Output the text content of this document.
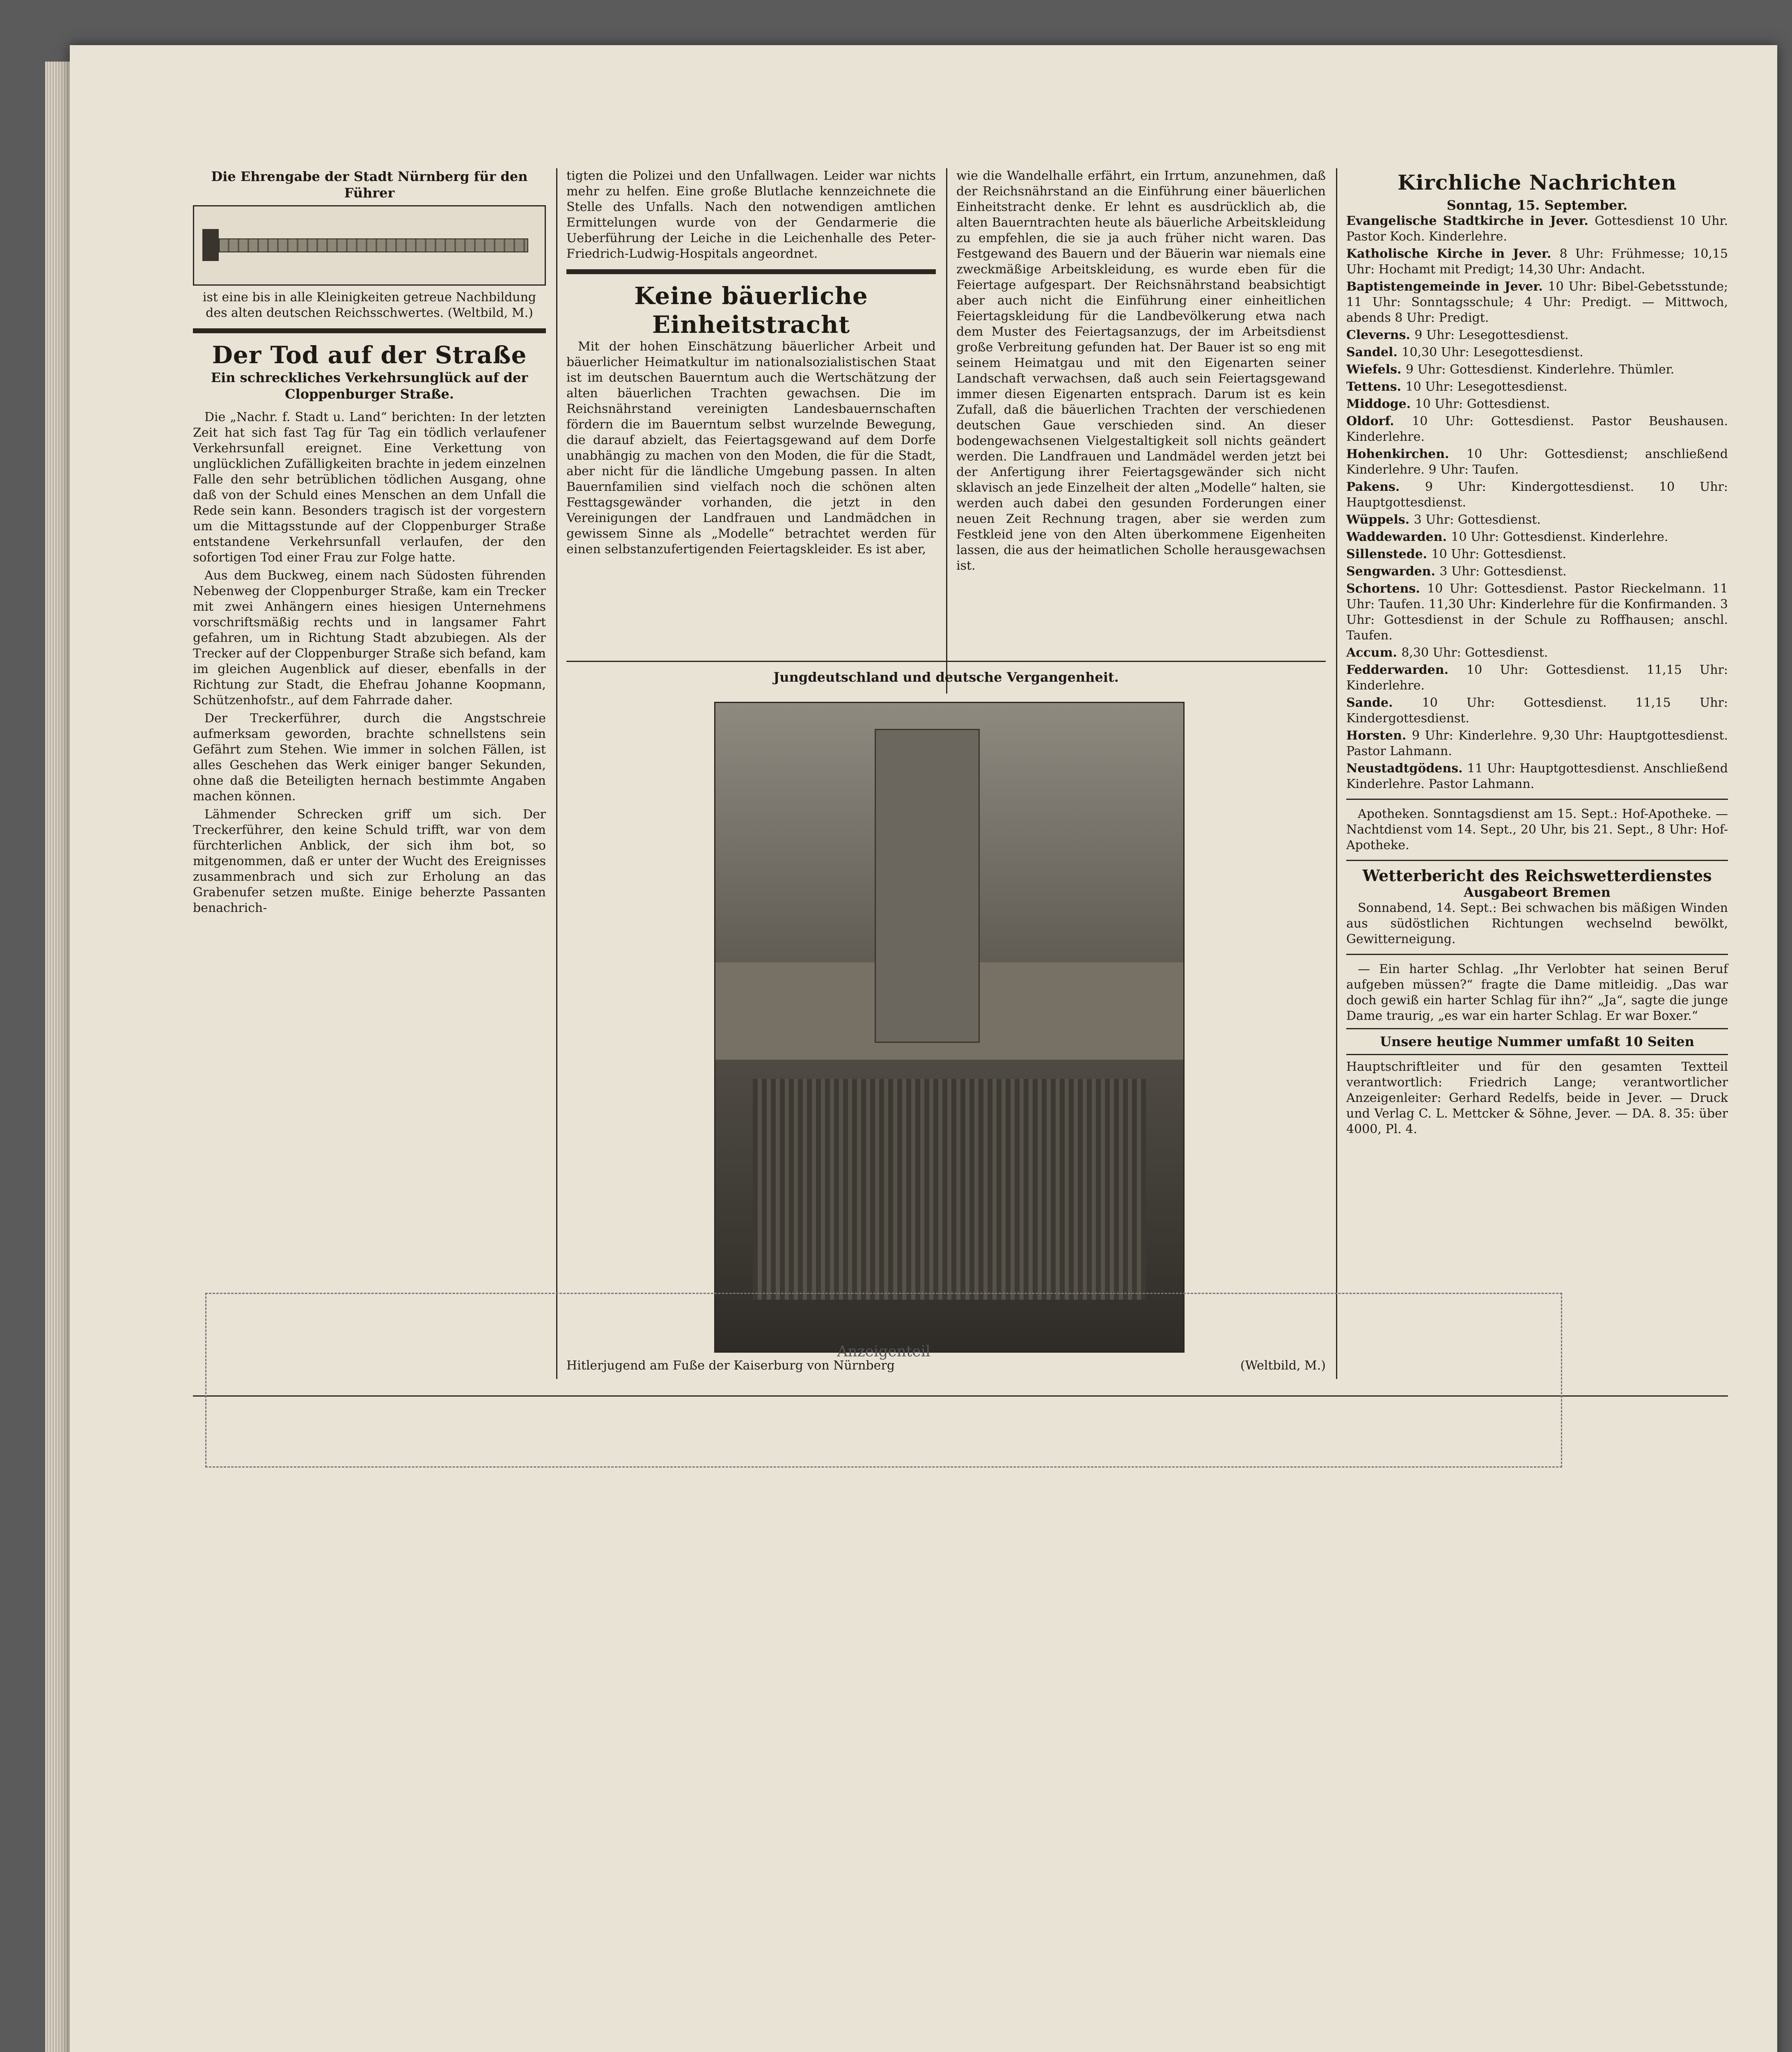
Die Ehrengabe der Stadt Nürnberg für den Führer
ist eine bis in alle Kleinigkeiten getreue Nachbildung des alten deutschen Reichsschwertes. (Weltbild, M.)
Der Tod auf der Straße
Ein schreckliches Verkehrsunglück auf der Cloppenburger Straße.

Die „Nachr. f. Stadt u. Land“ berichten: In der letzten Zeit hat sich fast Tag für Tag ein tödlich verlaufener Verkehrsunfall ereignet. Eine Verkettung von unglücklichen Zufälligkeiten brachte in jedem einzelnen Falle den sehr betrüblichen tödlichen Ausgang, ohne daß von der Schuld eines Menschen an dem Unfall die Rede sein kann. Besonders tragisch ist der vorgestern um die Mittagsstunde auf der Cloppenburger Straße entstandene Verkehrsunfall verlaufen, der den sofortigen Tod einer Frau zur Folge hatte.

Aus dem Buckweg, einem nach Südosten führenden Nebenweg der Cloppenburger Straße, kam ein Trecker mit zwei Anhängern eines hiesigen Unternehmens vorschriftsmäßig rechts und in langsamer Fahrt gefahren, um in Richtung Stadt abzubiegen. Als der Trecker auf der Cloppenburger Straße sich befand, kam im gleichen Augenblick auf dieser, ebenfalls in der Richtung zur Stadt, die Ehefrau Johanne Koopmann, Schützenhofstr., auf dem Fahrrade daher.

Der Treckerführer, durch die Angstschreie aufmerksam geworden, brachte schnellstens sein Gefährt zum Stehen. Wie immer in solchen Fällen, ist alles Geschehen das Werk einiger banger Sekunden, ohne daß die Beteiligten hernach bestimmte Angaben machen können.

Lähmender Schrecken griff um sich. Der Treckerführer, den keine Schuld trifft, war von dem fürchterlichen Anblick, der sich ihm bot, so mitgenommen, daß er unter der Wucht des Ereignisses zusammenbrach und sich zur Erholung an das Grabenufer setzen mußte. Einige beherzte Passanten benachrich-

tigten die Polizei und den Unfallwagen. Leider war nichts mehr zu helfen. Eine große Blutlache kennzeichnete die Stelle des Unfalls. Nach den notwendigen amtlichen Ermittelungen wurde von der Gendarmerie die Ueberführung der Leiche in die Leichenhalle des Peter-Friedrich-Ludwig-Hospitals angeordnet.

Keine bäuerliche Einheitstracht

Mit der hohen Einschätzung bäuerlicher Arbeit und bäuerlicher Heimatkultur im nationalsozialistischen Staat ist im deutschen Bauerntum auch die Wertschätzung der alten bäuerlichen Trachten gewachsen. Die im Reichsnährstand vereinigten Landesbauernschaften fördern die im Bauerntum selbst wurzelnde Bewegung, die darauf abzielt, das Feiertagsgewand auf dem Dorfe unabhängig zu machen von den Moden, die für die Stadt, aber nicht für die ländliche Umgebung passen. In alten Bauernfamilien sind vielfach noch die schönen alten Festtagsgewänder vorhanden, die jetzt in den Vereinigungen der Landfrauen und Landmädchen in gewissem Sinne als „Modelle“ betrachtet werden für einen selbstanzufertigenden Feiertagskleider. Es ist aber,

wie die Wandelhalle erfährt, ein Irrtum, anzunehmen, daß der Reichsnährstand an die Einführung einer bäuerlichen Einheitstracht denke. Er lehnt es ausdrücklich ab, die alten Bauerntrachten heute als bäuerliche Arbeitskleidung zu empfehlen, die sie ja auch früher nicht waren. Das Festgewand des Bauern und der Bäuerin war niemals eine zweckmäßige Arbeitskleidung, es wurde eben für die Feiertage aufgespart. Der Reichsnährstand beabsichtigt aber auch nicht die Einführung einer einheitlichen Feiertagskleidung für die Landbevölkerung etwa nach dem Muster des Feiertagsanzugs, der im Arbeitsdienst große Verbreitung gefunden hat. Der Bauer ist so eng mit seinem Heimatgau und mit den Eigenarten seiner Landschaft verwachsen, daß auch sein Feiertagsgewand immer diesen Eigenarten entsprach. Darum ist es kein Zufall, daß die bäuerlichen Trachten der verschiedenen deutschen Gaue verschieden sind. An dieser bodengewachsenen Vielgestaltigkeit soll nichts geändert werden. Die Landfrauen und Landmädel werden jetzt bei der Anfertigung ihrer Feiertagsgewänder sich nicht sklavisch an jede Einzelheit der alten „Modelle“ halten, sie werden auch dabei den gesunden Forderungen einer neuen Zeit Rechnung tragen, aber sie werden zum Festkleid jene von den Alten überkommene Eigenheiten lassen, die aus der heimatlichen Scholle herausgewachsen ist.

Jungdeutschland und deutsche Vergangenheit.
Hitlerjugend am Fuße der Kaiserburg von Nürnberg	(Weltbild, M.)
Kirchliche Nachrichten
Sonntag, 15. September.
Evangelische Stadtkirche in Jever. Gottesdienst 10 Uhr. Pastor Koch. Kinderlehre.
Katholische Kirche in Jever. 8 Uhr: Frühmesse; 10,15 Uhr: Hochamt mit Predigt; 14,30 Uhr: Andacht.
Baptistengemeinde in Jever. 10 Uhr: Bibel-Gebetsstunde; 11 Uhr: Sonntagsschule; 4 Uhr: Predigt. — Mittwoch, abends 8 Uhr: Predigt.
Cleverns. 9 Uhr: Lesegottesdienst.
Sandel. 10,30 Uhr: Lesegottesdienst.
Wiefels. 9 Uhr: Gottesdienst. Kinderlehre. Thümler.
Tettens. 10 Uhr: Lesegottesdienst.
Middoge. 10 Uhr: Gottesdienst.
Oldorf. 10 Uhr: Gottesdienst. Pastor Beushausen. Kinderlehre.
Hohenkirchen. 10 Uhr: Gottesdienst; anschließend Kinderlehre. 9 Uhr: Taufen.
Pakens. 9 Uhr: Kindergottesdienst. 10 Uhr: Hauptgottesdienst.
Wüppels. 3 Uhr: Gottesdienst.
Waddewarden. 10 Uhr: Gottesdienst. Kinderlehre.
Sillenstede. 10 Uhr: Gottesdienst.
Sengwarden. 3 Uhr: Gottesdienst.
Schortens. 10 Uhr: Gottesdienst. Pastor Rieckelmann. 11 Uhr: Taufen. 11,30 Uhr: Kinderlehre für die Konfirmanden. 3 Uhr: Gottesdienst in der Schule zu Roffhausen; anschl. Taufen.
Accum. 8,30 Uhr: Gottesdienst.
Fedderwarden. 10 Uhr: Gottesdienst. 11,15 Uhr: Kinderlehre.
Sande. 10 Uhr: Gottesdienst. 11,15 Uhr: Kindergottesdienst.
Horsten. 9 Uhr: Kinderlehre. 9,30 Uhr: Hauptgottesdienst. Pastor Lahmann.
Neustadtgödens. 11 Uhr: Hauptgottesdienst. Anschließend Kinderlehre. Pastor Lahmann.

Apotheken. Sonntagsdienst am 15. Sept.: Hof-Apotheke. — Nachtdienst vom 14. Sept., 20 Uhr, bis 21. Sept., 8 Uhr: Hof-Apotheke.

Wetterbericht des Reichswetterdienstes
Ausgabeort Bremen

Sonnabend, 14. Sept.: Bei schwachen bis mäßigen Winden aus südöstlichen Richtungen wechselnd bewölkt, Gewitterneigung.

— Ein harter Schlag. „Ihr Verlobter hat seinen Beruf aufgeben müssen?“ fragte die Dame mitleidig. „Das war doch gewiß ein harter Schlag für ihn?“ „Ja“, sagte die junge Dame traurig, „es war ein harter Schlag. Er war Boxer.“

Unsere heutige Nummer umfaßt 10 Seiten

Hauptschriftleiter und für den gesamten Textteil verantwortlich: Friedrich Lange; verantwortlicher Anzeigenleiter: Gerhard Redelfs, beide in Jever. — Druck und Verlag C. L. Mettcker & Söhne, Jever. — DA. 8. 35: über 4000, Pl. 4.

Anzeigenteil
